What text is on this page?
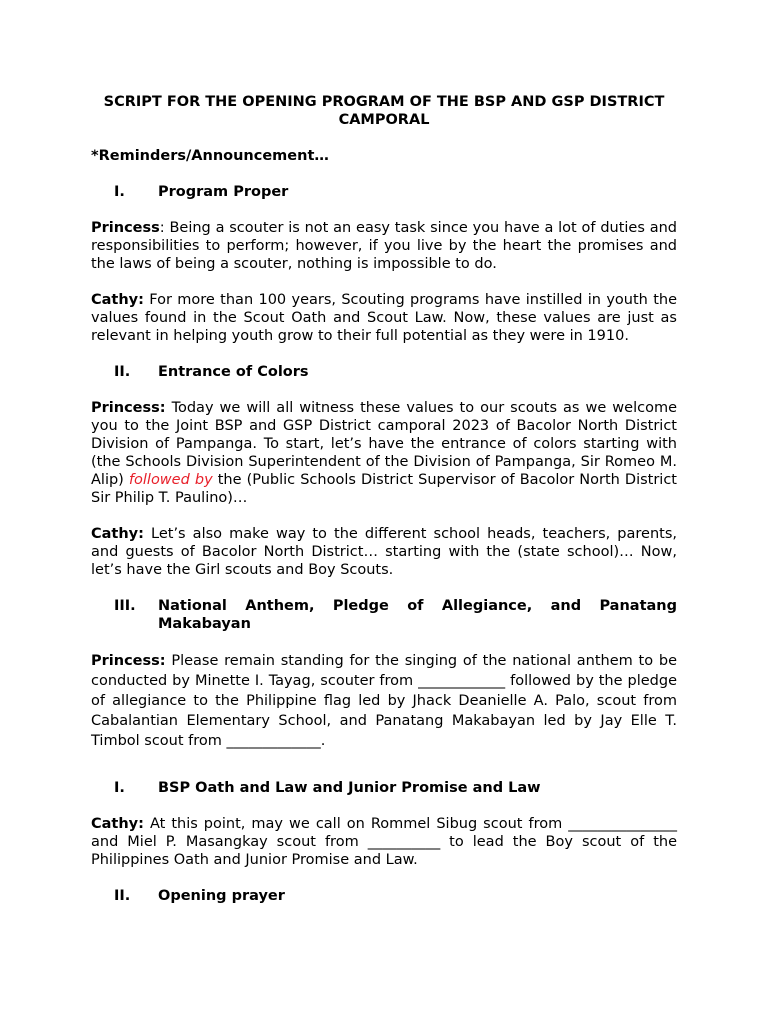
SCRIPT FOR THE OPENING PROGRAM OF THE BSP AND GSP DISTRICT CAMPORAL
*Reminders/Announcement…
I.	Program Proper

Princess: Being a scouter is not an easy task since you have a lot of duties and responsibilities to perform; however, if you live by the heart the promises and the laws of being a scouter, nothing is impossible to do.

Cathy: For more than 100 years, Scouting programs have instilled in youth the values found in the Scout Oath and Scout Law. Now, these values are just as relevant in helping youth grow to their full potential as they were in 1910.

II.	Entrance of Colors

Princess: Today we will all witness these values to our scouts as we welcome you to the Joint BSP and GSP District camporal 2023 of Bacolor North District Division of Pampanga. To start, let’s have the entrance of colors starting with (the Schools Division Superintendent of the Division of Pampanga, Sir Romeo M. Alip) followed by the (Public Schools District Supervisor of Bacolor North District Sir Philip T. Paulino)…

Cathy: Let’s also make way to the different school heads, teachers, parents, and guests of Bacolor North District… starting with the (state school)… Now, let’s have the Girl scouts and Boy Scouts.

III.	National Anthem, Pledge of Allegiance, and Panatang Makabayan

Princess: Please remain standing for the singing of the national anthem to be conducted by Minette I. Tayag, scouter from ____________ followed by the pledge of allegiance to the Philippine flag led by Jhack Deanielle A. Palo, scout from Cabalantian Elementary School, and Panatang Makabayan led by Jay Elle T. Timbol scout from _____________.

I.	BSP Oath and Law and Junior Promise and Law

Cathy: At this point, may we call on Rommel Sibug scout from _______________ and Miel P. Masangkay scout from __________ to lead the Boy scout of the Philippines Oath and Junior Promise and Law.

II.	Opening prayer
